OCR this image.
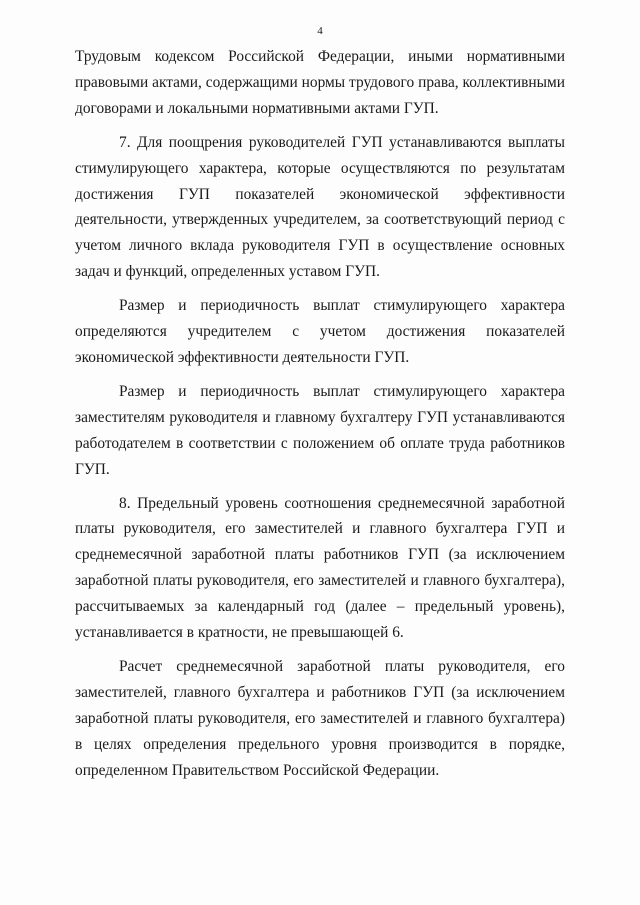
4

Трудовым кодексом Российской Федерации, иными нормативными правовыми актами, содержащими нормы трудового права, коллективными договорами и локальными нормативными актами ГУП.

7. Для поощрения руководителей ГУП устанавливаются выплаты стимулирующего характера, которые осуществляются по результатам достижения ГУП показателей экономической эффективности деятельности, утвержденных учредителем, за соответствующий период с учетом личного вклада руководителя ГУП в осуществление основных задач и функций, определенных уставом ГУП.

Размер и периодичность выплат стимулирующего характера определяются учредителем с учетом достижения показателей экономической эффективности деятельности ГУП.

Размер и периодичность выплат стимулирующего характера заместителям руководителя и главному бухгалтеру ГУП устанавливаются работодателем в соответствии с положением об оплате труда работников ГУП.

8. Предельный уровень соотношения среднемесячной заработной платы руководителя, его заместителей и главного бухгалтера ГУП и среднемесячной заработной платы работников ГУП (за исключением заработной платы руководителя, его заместителей и главного бухгалтера), рассчитываемых за календарный год (далее – предельный уровень), устанавливается в кратности, не превышающей 6.

Расчет среднемесячной заработной платы руководителя, его заместителей, главного бухгалтера и работников ГУП (за исключением заработной платы руководителя, его заместителей и главного бухгалтера) в целях определения предельного уровня производится в порядке, определенном Правительством Российской Федерации.
